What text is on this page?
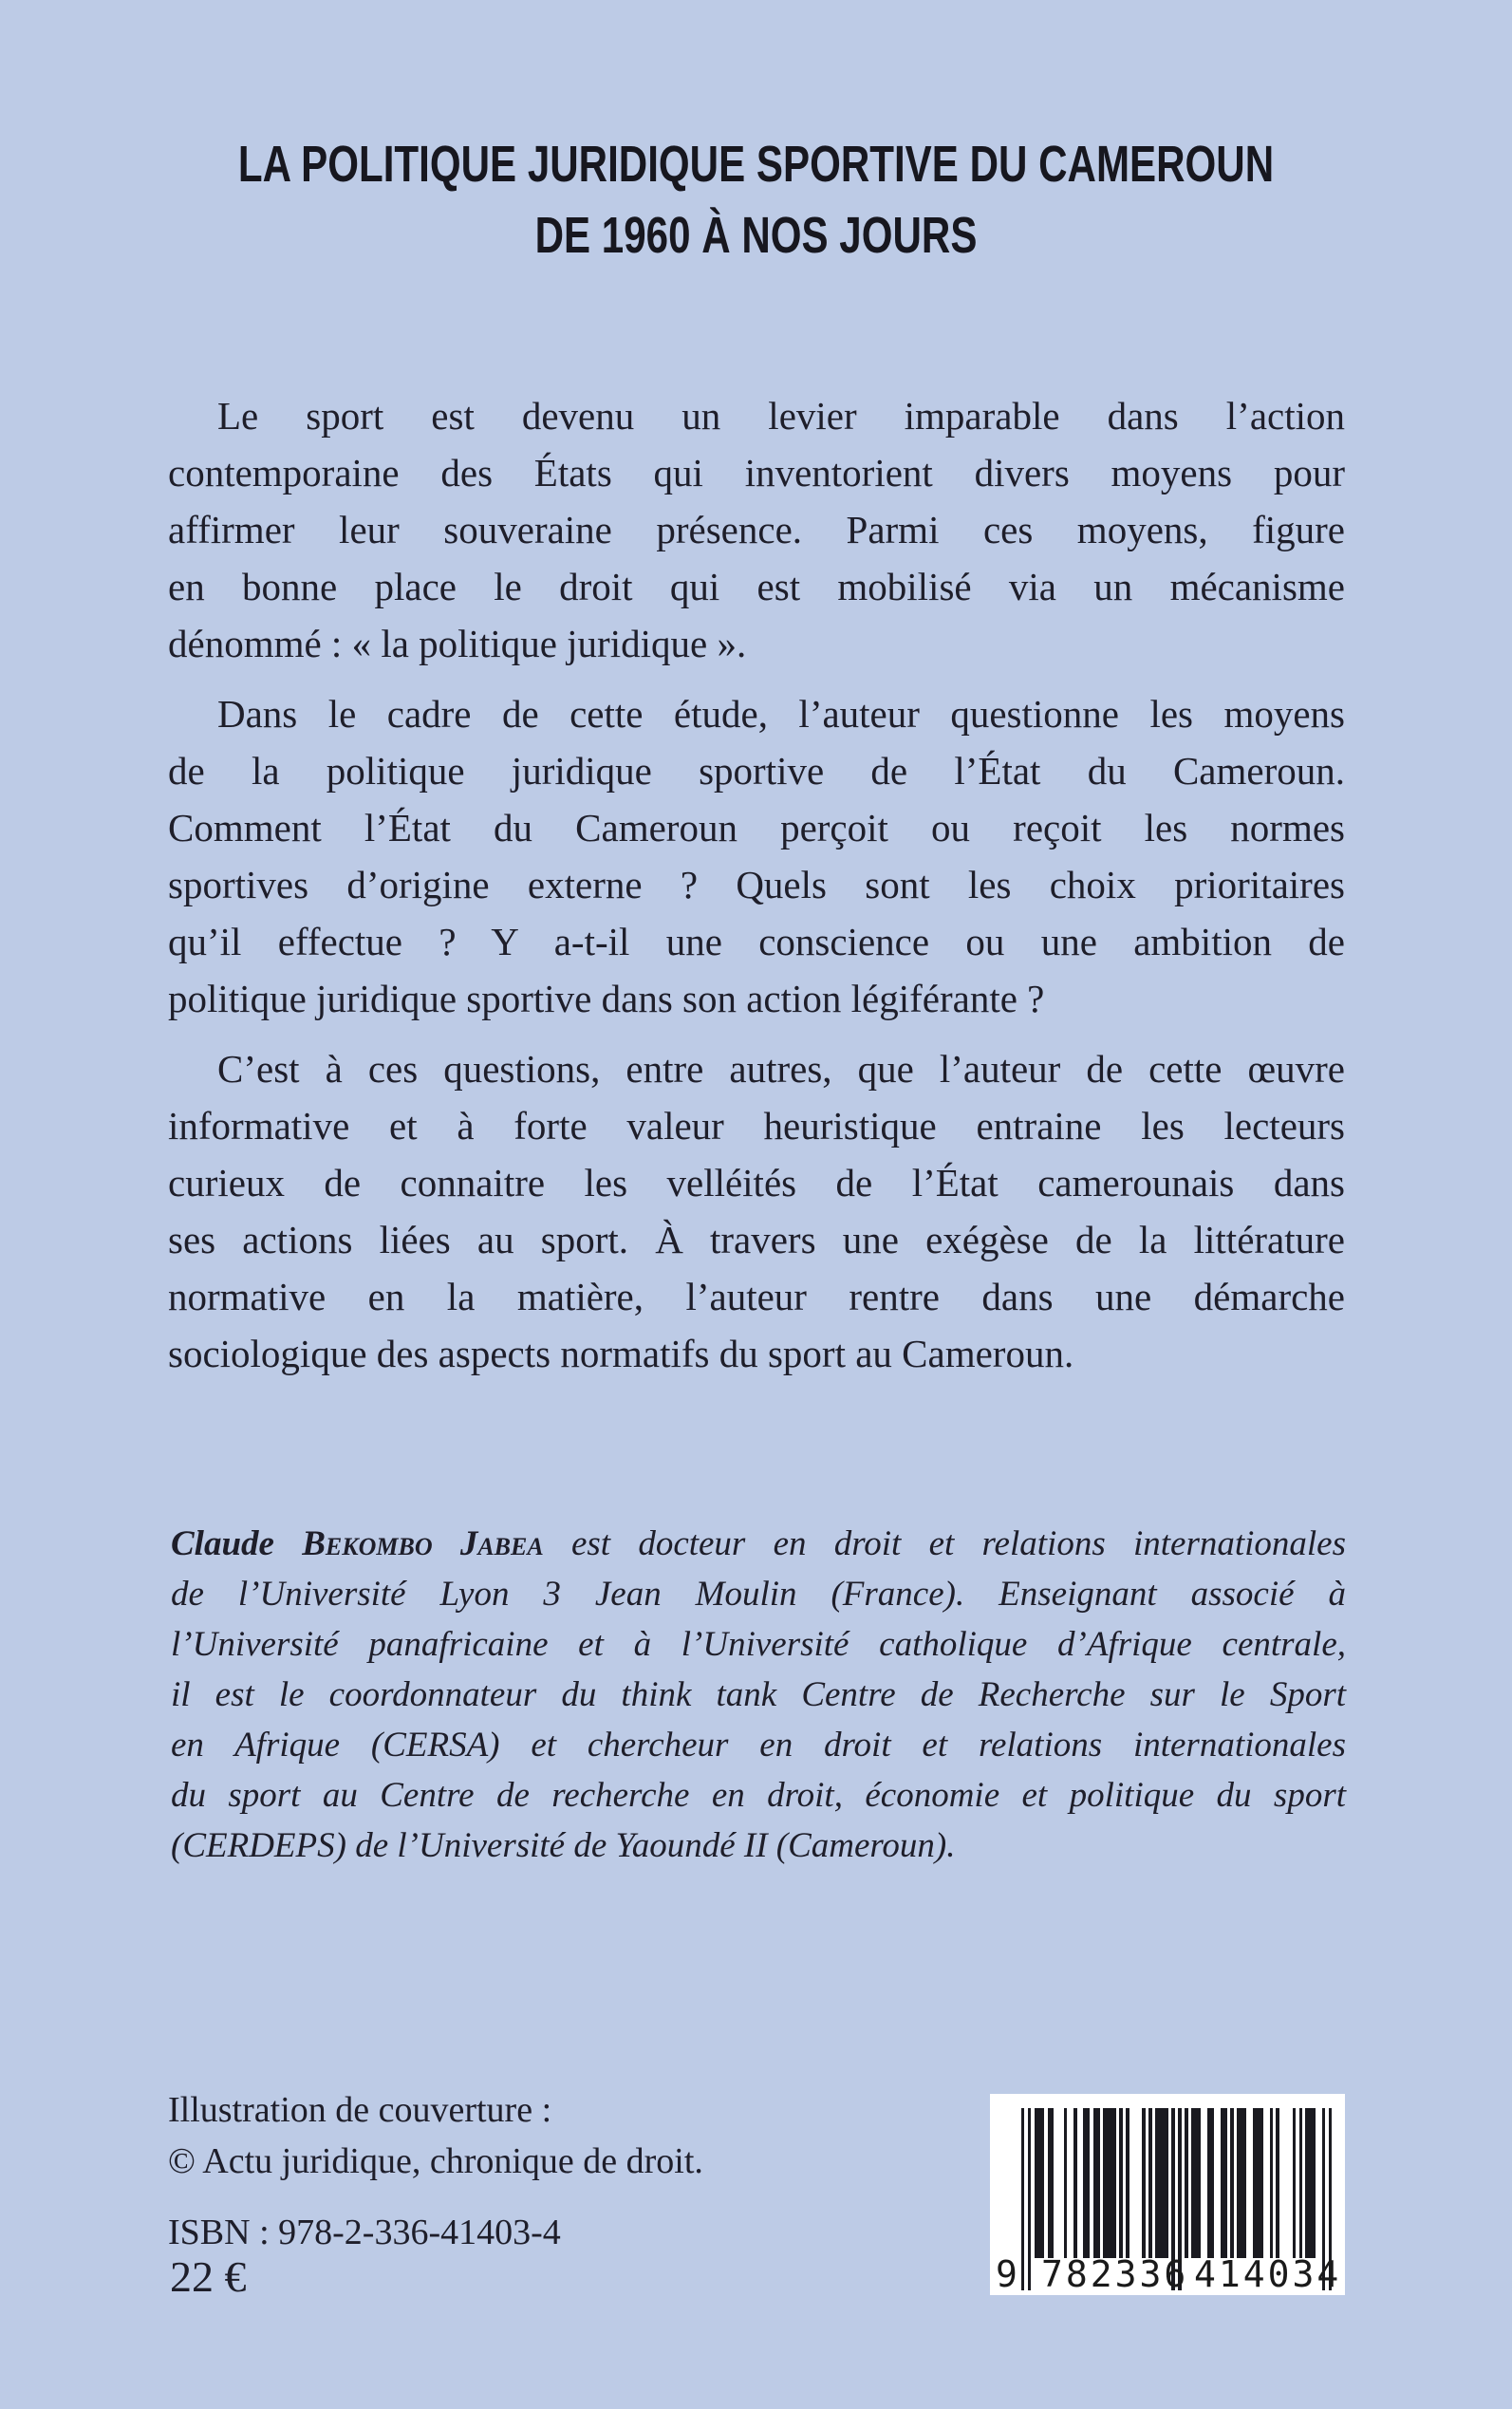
LA POLITIQUE JURIDIQUE SPORTIVE DU CAMEROUN
DE 1960 À NOS JOURS
Le sport est devenu un levier imparable dans l’action
contemporaine des États qui inventorient divers moyens pour
affirmer leur souveraine présence. Parmi ces moyens, figure
en bonne place le droit qui est mobilisé via un mécanisme
dénommé : « la politique juridique ».
Dans le cadre de cette étude, l’auteur questionne les moyens
de la politique juridique sportive de l’État du Cameroun.
Comment l’État du Cameroun perçoit ou reçoit les normes
sportives d’origine externe ? Quels sont les choix prioritaires
qu’il effectue ? Y a-t-il une conscience ou une ambition de
politique juridique sportive dans son action légiférante ?
C’est à ces questions, entre autres, que l’auteur de cette œuvre
informative et à forte valeur heuristique entraine les lecteurs
curieux de connaitre les velléités de l’État camerounais dans
ses actions liées au sport. À travers une exégèse de la littérature
normative en la matière, l’auteur rentre dans une démarche
sociologique des aspects normatifs du sport au Cameroun.
Claude Bekombo Jabea est docteur en droit et relations internationales
de l’Université Lyon 3 Jean Moulin (France). Enseignant associé à
l’Université panafricaine et à l’Université catholique d’Afrique centrale,
il est le coordonnateur du think tank Centre de Recherche sur le Sport
en Afrique (CERSA) et chercheur en droit et relations internationales
du sport au Centre de recherche en droit, économie et politique du sport
(CERDEPS) de l’Université de Yaoundé II (Cameroun).
Illustration de couverture :
© Actu juridique, chronique de droit.
ISBN : 978-2-336-41403-4
22 €	9 782336 414034
